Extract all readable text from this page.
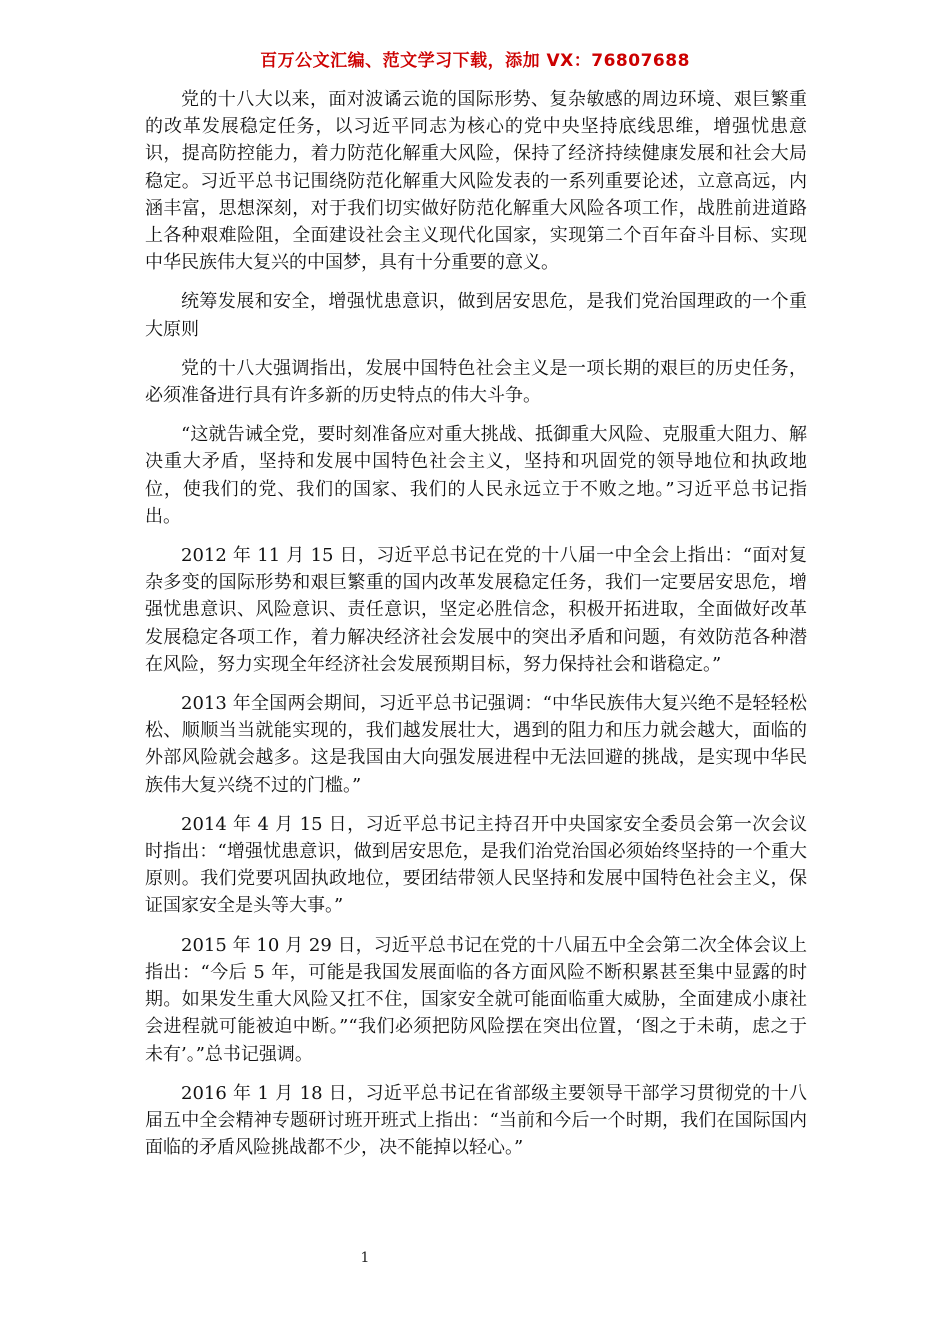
百万公文汇编、范文学习下载，添加 VX：76807688

党的十八大以来，面对波谲云诡的国际形势、复杂敏感的周边环境、艰巨繁重的改革发展稳定任务，以习近平同志为核心的党中央坚持底线思维，增强忧患意识，提高防控能力，着力防范化解重大风险，保持了经济持续健康发展和社会大局稳定。习近平总书记围绕防范化解重大风险发表的一系列重要论述，立意高远，内涵丰富，思想深刻，对于我们切实做好防范化解重大风险各项工作，战胜前进道路上各种艰难险阻，全面建设社会主义现代化国家，实现第二个百年奋斗目标、实现中华民族伟大复兴的中国梦，具有十分重要的意义。

统筹发展和安全，增强忧患意识，做到居安思危，是我们党治国理政的一个重大原则

党的十八大强调指出，发展中国特色社会主义是一项长期的艰巨的历史任务，必须准备进行具有许多新的历史特点的伟大斗争。

“这就告诫全党，要时刻准备应对重大挑战、抵御重大风险、克服重大阻力、解决重大矛盾，坚持和发展中国特色社会主义，坚持和巩固党的领导地位和执政地位，使我们的党、我们的国家、我们的人民永远立于不败之地。”习近平总书记指出。

2012 年 11 月 15 日，习近平总书记在党的十八届一中全会上指出：“面对复杂多变的国际形势和艰巨繁重的国内改革发展稳定任务，我们一定要居安思危，增强忧患意识、风险意识、责任意识，坚定必胜信念，积极开拓进取，全面做好改革发展稳定各项工作，着力解决经济社会发展中的突出矛盾和问题，有效防范各种潜在风险，努力实现全年经济社会发展预期目标，努力保持社会和谐稳定。”

2013 年全国两会期间，习近平总书记强调：“中华民族伟大复兴绝不是轻轻松松、顺顺当当就能实现的，我们越发展壮大，遇到的阻力和压力就会越大，面临的外部风险就会越多。这是我国由大向强发展进程中无法回避的挑战，是实现中华民族伟大复兴绕不过的门槛。”

2014 年 4 月 15 日，习近平总书记主持召开中央国家安全委员会第一次会议时指出：“增强忧患意识，做到居安思危，是我们治党治国必须始终坚持的一个重大原则。我们党要巩固执政地位，要团结带领人民坚持和发展中国特色社会主义，保证国家安全是头等大事。”

2015 年 10 月 29 日，习近平总书记在党的十八届五中全会第二次全体会议上指出：“今后 5 年，可能是我国发展面临的各方面风险不断积累甚至集中显露的时期。如果发生重大风险又扛不住，国家安全就可能面临重大威胁，全面建成小康社会进程就可能被迫中断。”“我们必须把防风险摆在突出位置，‘图之于未萌，虑之于未有’。”总书记强调。

2016 年 1 月 18 日，习近平总书记在省部级主要领导干部学习贯彻党的十八届五中全会精神专题研讨班开班式上指出：“当前和今后一个时期，我们在国际国内面临的矛盾风险挑战都不少，决不能掉以轻心。”

1
